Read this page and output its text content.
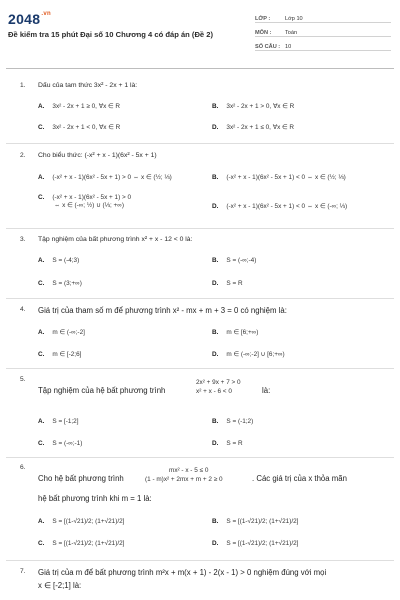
$2048^{.vn}$
Đề kiểm tra 15 phút Đại số 10 Chương 4 có đáp án (Đề 2)
LỚP :	Lớp 10
MÔN :	Toán
SỐ CÂU : 10
1. Dấu của tam thức 3x² - 2x + 1 là:
A. 3x² - 2x + 1 ≥ 0, ∀x ∈ R	B. 3x² - 2x + 1 > 0, ∀x ∈ R
C. 3x² - 2x + 1 < 0, ∀x ∈ R	D. 3x² - 2x + 1 ≤ 0, ∀x ∈ R
2. Cho biểu thức: (-x² + x - 1)(6x² - 5x + 1)
A. (-x² + x - 1)(6x² - 5x + 1) > 0 ⇔ x ∈ (½; ⅓)	B. (-x² + x - 1)(6x² - 5x + 1) < 0 ⇔ x ∈ (½; ⅓)
C. (-x² + x - 1)(6x² - 5x + 1) > 0
⇔ x ∈ (-∞; ½) ∪ (⅓; +∞)	D. (-x² + x - 1)(6x² - 5x + 1) < 0 ⇔ x ∈ (-∞; ⅓)
3. Tập nghiệm của bất phương trình x² + x - 12 < 0 là:
A. S = (-4;3)	B. S = (-∞;-4)
C. S = (3;+∞)	D. S = R
4. Giá trị của tham số m để phương trình x² - mx + m + 3 = 0 có nghiệm là:
A. m ∈ (-∞;-2]	B. m ∈ [6;+∞)
C. m ∈ [-2;6]	D. m ∈ (-∞;-2] ∪ [6;+∞)
5.
Tập nghiệm của hệ bất phương trình
2x² + 9x + 7 > 0
x² + x - 6 < 0	là:
A. S = [-1;2]	B. S = (-1;2)
C. S = (-∞;-1)	D. S = R
6.
Cho hệ bất phương trình
mx² - x - 5 ≤ 0
(1 - m)x² + 2mx + m + 2 ≥ 0	. Các giá trị của x thỏa mãn
hệ bất phương trình khi m = 1 là:
A. S = [(1-√21)/2; (1+√21)/2]	B. S = [(1-√21)/2; (1+√21)/2]
C. S = [(1-√21)/2; (1+√21)/2]	D. S = [(1-√21)/2; (1+√21)/2]
7. Giá trị của m để bất phương trình m²x + m(x + 1) - 2(x - 1) > 0 nghiệm đúng với mọi
x ∈ [-2;1] là:
